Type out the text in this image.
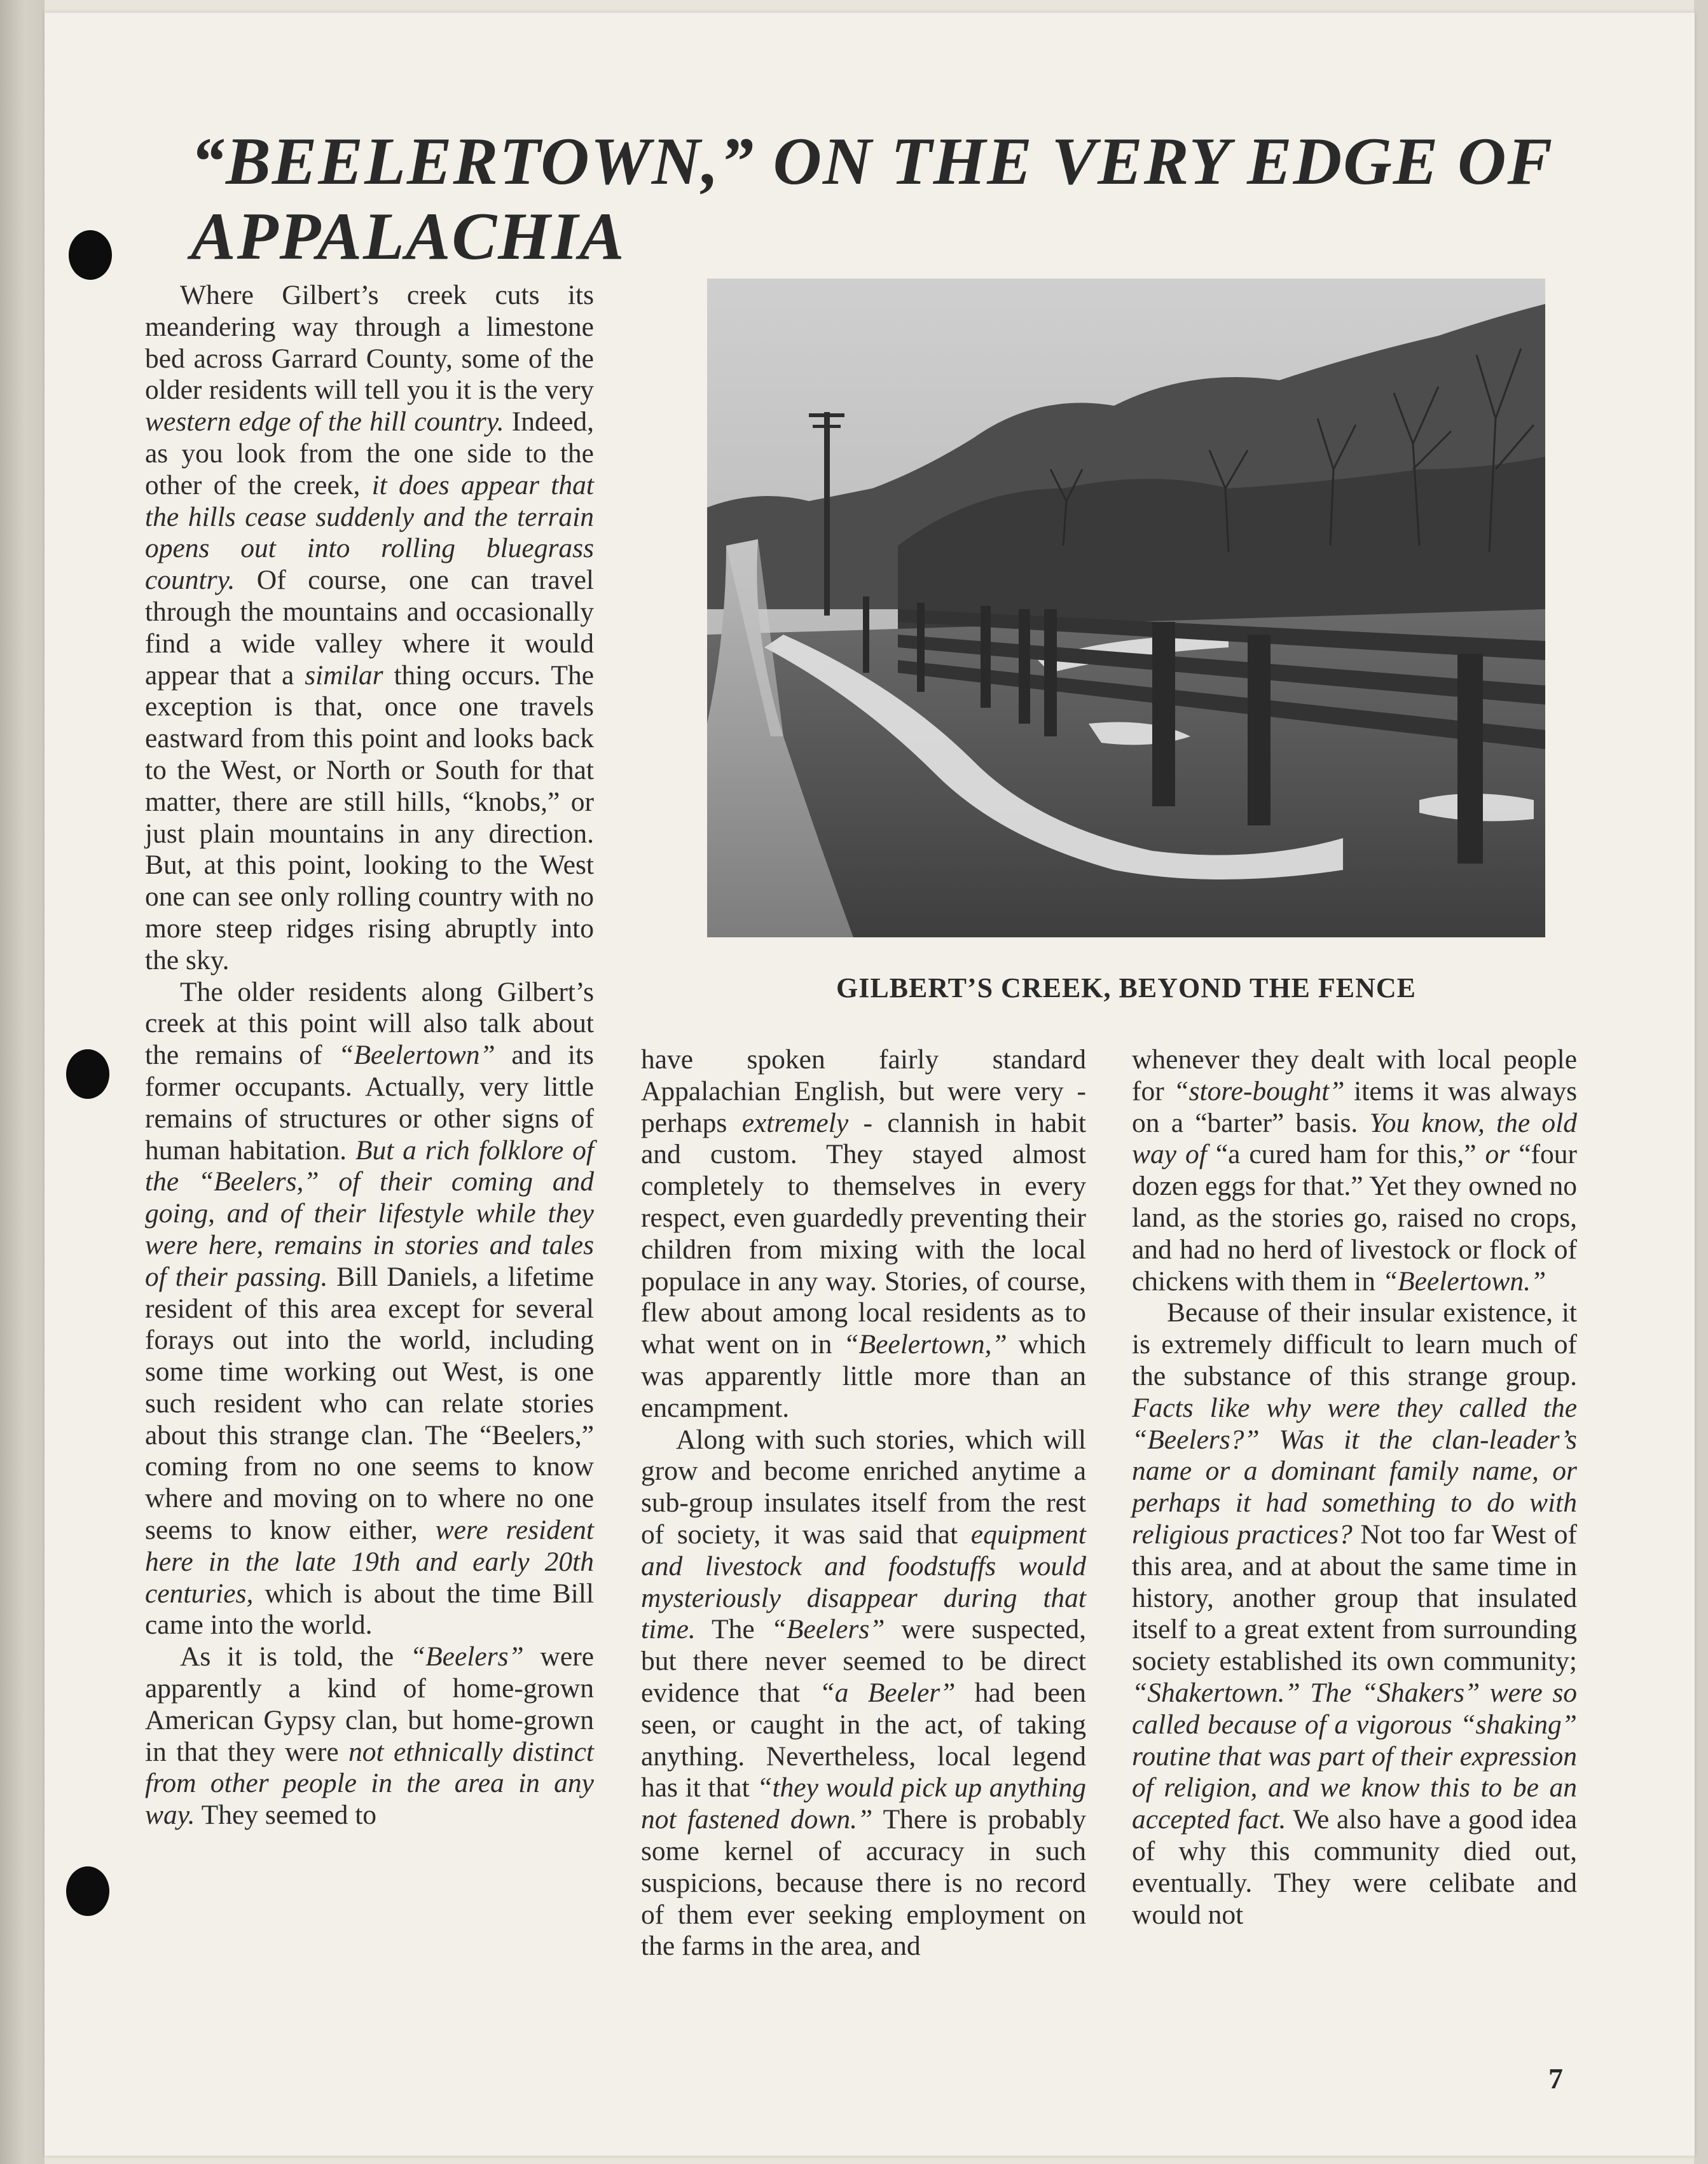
“BEELERTOWN,” ON THE VERY EDGE OF
APPALACHIA
GILBERT’S CREEK, BEYOND THE FENCE

Where Gilbert’s creek cuts its meandering way through a limestone bed across Garrard County, some of the older residents will tell you it is the very western edge of the hill country. Indeed, as you look from the one side to the other of the creek, it does appear that the hills cease suddenly and the terrain opens out into rolling bluegrass country. Of course, one can travel through the mountains and occasionally find a wide valley where it would appear that a similar thing occurs. The exception is that, once one travels eastward from this point and looks back to the West, or North or South for that matter, there are still hills, “knobs,” or just plain mountains in any direction. But, at this point, looking to the West one can see only rolling country with no more steep ridges rising abruptly into the sky.

The older residents along Gilbert’s creek at this point will also talk about the remains of “Beelertown” and its former occupants. Actually, very little remains of structures or other signs of human habitation. But a rich folklore of the “Beelers,” of their coming and going, and of their lifestyle while they were here, remains in stories and tales of their passing. Bill Daniels, a lifetime resident of this area except for several forays out into the world, including some time working out West, is one such resident who can relate stories about this strange clan. The “Beelers,” coming from no one seems to know where and moving on to where no one seems to know either, were resident here in the late 19th and early 20th centuries, which is about the time Bill came into the world.

As it is told, the “Beelers” were apparently a kind of home-grown American Gypsy clan, but home-grown in that they were not ethnically distinct from other people in the area in any way. They seemed to

have spoken fairly standard Appalachian English, but were very - perhaps extremely - clannish in habit and custom. They stayed almost completely to themselves in every respect, even guardedly preventing their children from mixing with the local populace in any way. Stories, of course, flew about among local residents as to what went on in “Beelertown,” which was apparently little more than an encampment.

Along with such stories, which will grow and become enriched anytime a sub-group insulates itself from the rest of society, it was said that equipment and livestock and foodstuffs would mysteriously disappear during that time. The “Beelers” were suspected, but there never seemed to be direct evidence that “a Beeler” had been seen, or caught in the act, of taking anything. Nevertheless, local legend has it that “they would pick up anything not fastened down.” There is probably some kernel of accuracy in such suspicions, because there is no record of them ever seeking employment on the farms in the area, and

whenever they dealt with local people for “store-bought” items it was always on a “barter” basis. You know, the old way of “a cured ham for this,” or “four dozen eggs for that.” Yet they owned no land, as the stories go, raised no crops, and had no herd of livestock or flock of chickens with them in “Beelertown.”

Because of their insular existence, it is extremely difficult to learn much of the substance of this strange group. Facts like why were they called the “Beelers?” Was it the clan-leader’s name or a dominant family name, or perhaps it had something to do with religious practices? Not too far West of this area, and at about the same time in history, another group that insulated itself to a great extent from surrounding society established its own community; “Shakertown.” The “Shakers” were so called because of a vigorous “shaking” routine that was part of their expression of religion, and we know this to be an accepted fact. We also have a good idea of why this community died out, eventually. They were celibate and would not

7
